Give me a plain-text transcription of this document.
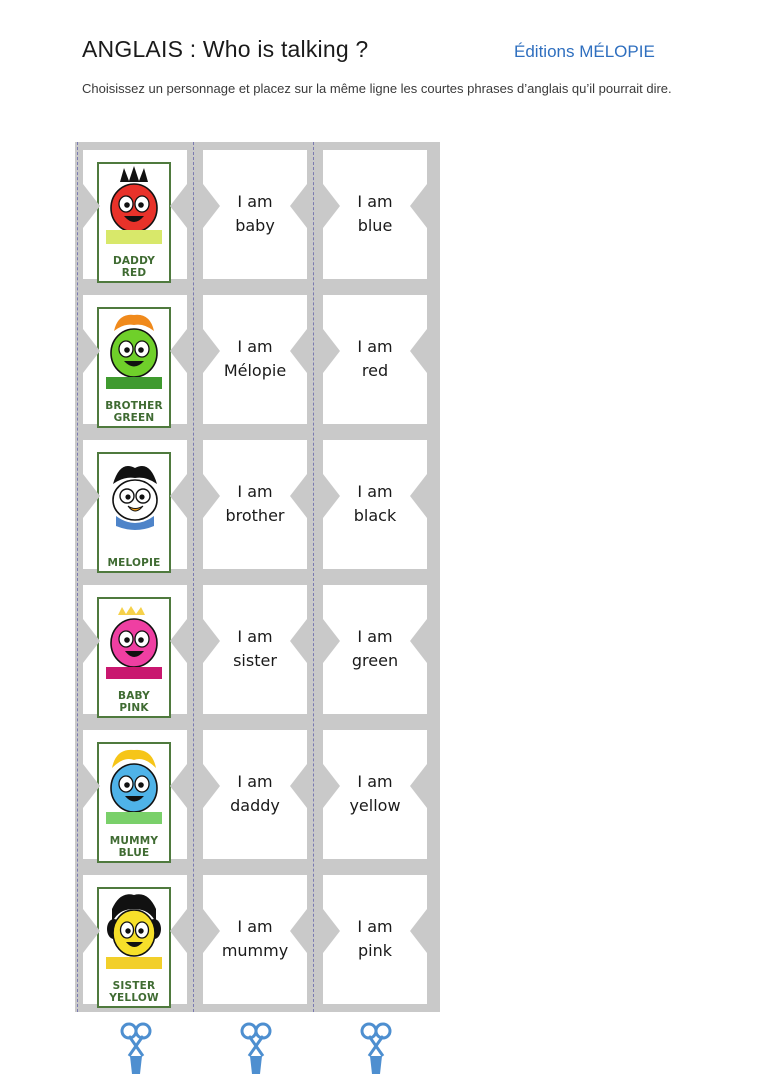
ANGLAIS : Who is talking ?	Éditions MÉLOPIE
Choisissez un personnage et placez sur la même ligne les courtes phrases d’anglais qu’il pourrait dire.
DADDY
RED
I am
baby
I am
blue
BROTHER
GREEN
I am
Mélopie
I am
red
MELOPIE
I am
brother
I am
black
BABY
PINK
I am
sister
I am
green
MUMMY
BLUE
I am
daddy
I am
yellow
SISTER
YELLOW
I am
mummy
I am
pink
